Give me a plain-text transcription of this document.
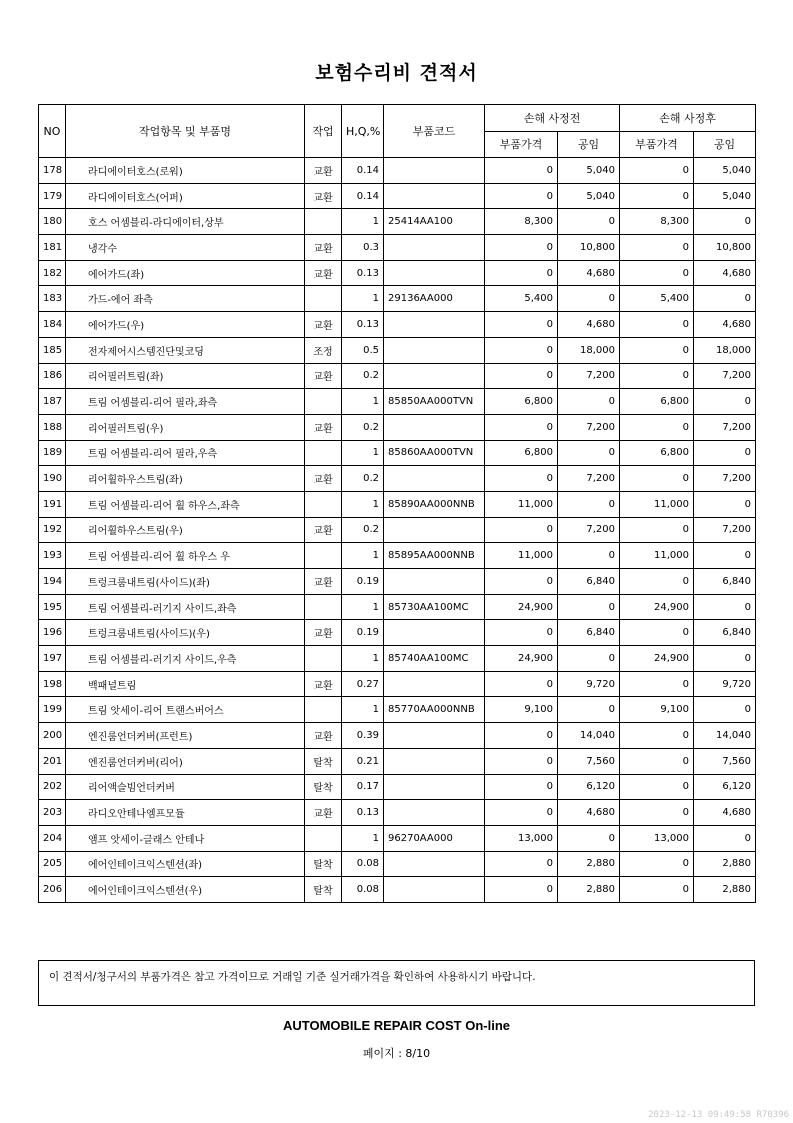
보험수리비 견적서
NO	작업항목 및 부품명	작업	H,Q,%	부품코드	손해 사정전		손해 사정후	
					부품가격	공임	부품가격	공임
178	라디에이터호스(로워)	교환	0.14		0	5,040	0	5,040
179	라디에이터호스(어퍼)	교환	0.14		0	5,040	0	5,040
180	호스 어셈블리-라디에이터,상부		1	25414AA100	8,300	0	8,300	0
181	냉각수	교환	0.3		0	10,800	0	10,800
182	에어가드(좌)	교환	0.13		0	4,680	0	4,680
183	가드-에어 좌측		1	29136AA000	5,400	0	5,400	0
184	에어가드(우)	교환	0.13		0	4,680	0	4,680
185	전자제어시스템진단및코딩	조정	0.5		0	18,000	0	18,000
186	리어필러트림(좌)	교환	0.2		0	7,200	0	7,200
187	트림 어셈블리-리어 필라,좌측		1	85850AA000TVN	6,800	0	6,800	0
188	리어필러트림(우)	교환	0.2		0	7,200	0	7,200
189	트림 어셈블리-리어 필라,우측		1	85860AA000TVN	6,800	0	6,800	0
190	리어휠하우스트림(좌)	교환	0.2		0	7,200	0	7,200
191	트림 어셈블리-리어 휠 하우스,좌측		1	85890AA000NNB	11,000	0	11,000	0
192	리어휠하우스트림(우)	교환	0.2		0	7,200	0	7,200
193	트림 어셈블리-리어 휠 하우스 우		1	85895AA000NNB	11,000	0	11,000	0
194	트렁크룸내트림(사이드)(좌)	교환	0.19		0	6,840	0	6,840
195	트림 어셈블리-러기지 사이드,좌측		1	85730AA100MC	24,900	0	24,900	0
196	트렁크룸내트림(사이드)(우)	교환	0.19		0	6,840	0	6,840
197	트림 어셈블리-러기지 사이드,우측		1	85740AA100MC	24,900	0	24,900	0
198	백패널트림	교환	0.27		0	9,720	0	9,720
199	트림 앗세이-리어 트랜스버어스		1	85770AA000NNB	9,100	0	9,100	0
200	엔진룸언더커버(프런트)	교환	0.39		0	14,040	0	14,040
201	엔진룸언더커버(리어)	탈착	0.21		0	7,560	0	7,560
202	리어액슬빔언더커버	탈착	0.17		0	6,120	0	6,120
203	라디오안테나엠프모듈	교환	0.13		0	4,680	0	4,680
204	앰프 앗세이-글래스 안테나		1	96270AA000	13,000	0	13,000	0
205	에어인테이크익스텐션(좌)	탈착	0.08		0	2,880	0	2,880
206	에어인테이크익스텐션(우)	탈착	0.08		0	2,880	0	2,880
이 견적서/청구서의 부품가격은 참고 가격이므로 거래일 기준 실거래가격을 확인하여 사용하시기 바랍니다.
AUTOMOBILE REPAIR COST On-line
페이지 : 8/10
2023-12-13 09:49:58 R70396
